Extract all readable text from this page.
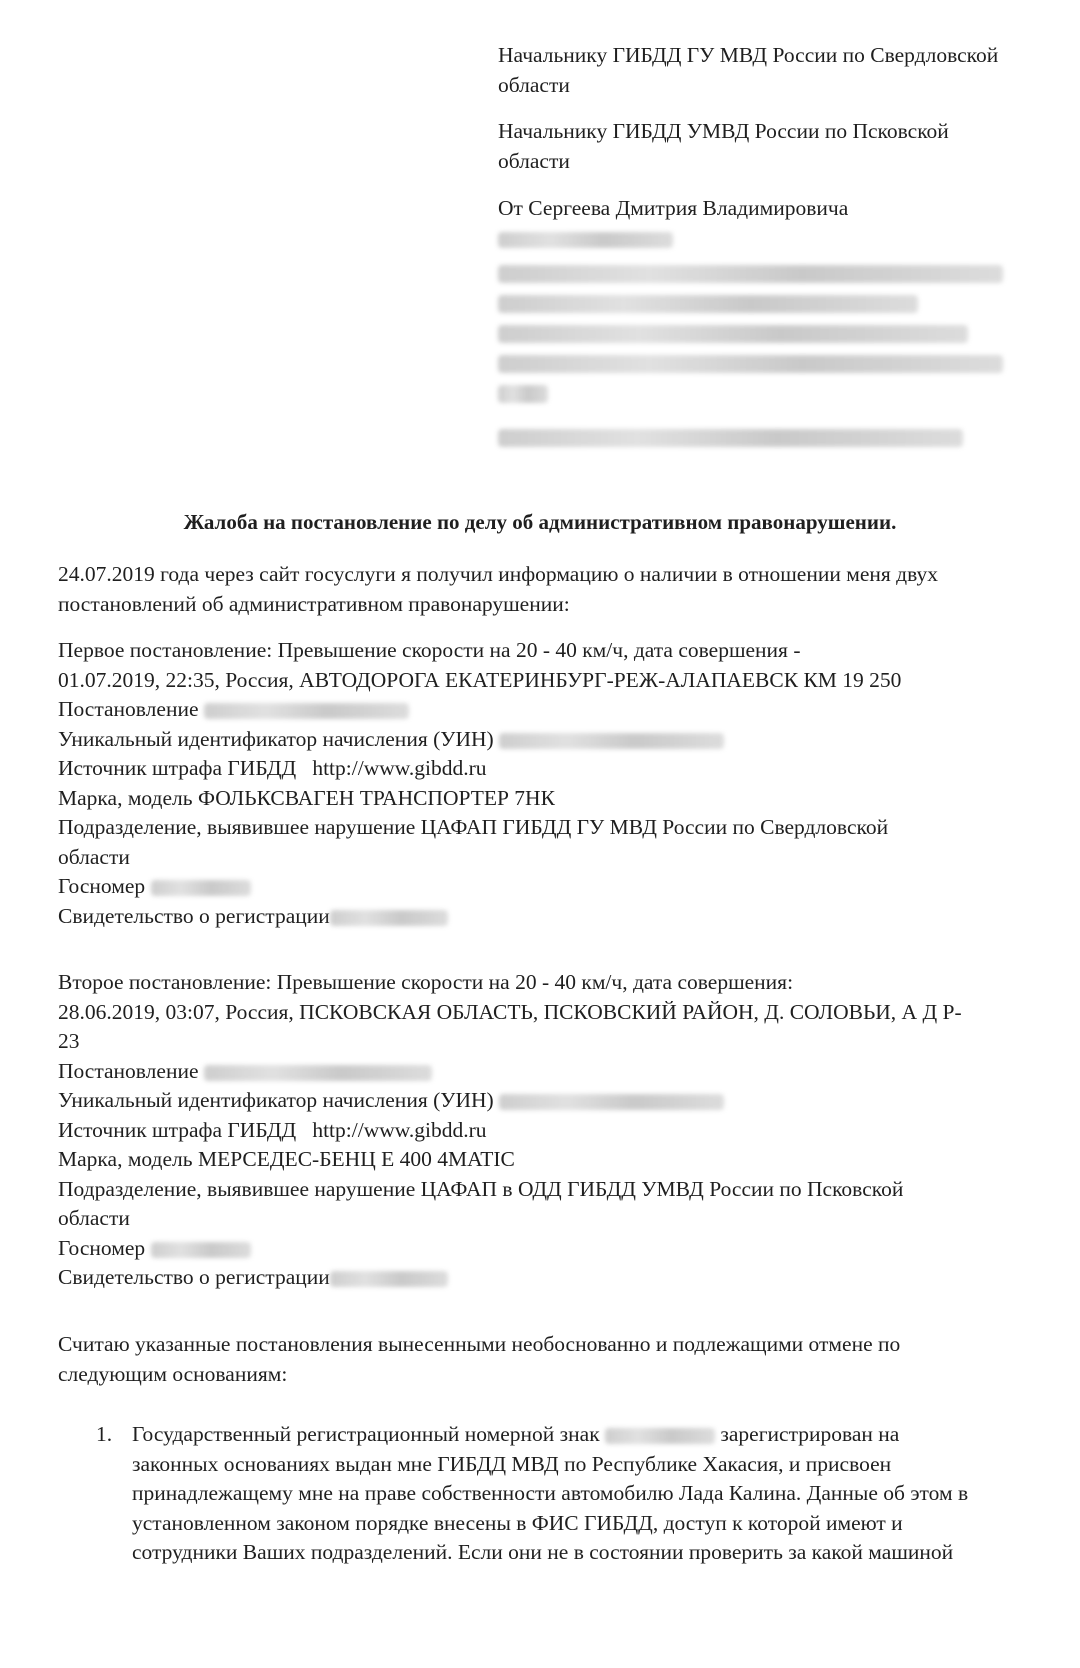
Начальнику ГИБДД ГУ МВД России по Свердловской области
Начальнику ГИБДД УМВД России по Псковской области
От Сергеева Дмитрия Владимировича
Жалоба на постановление по делу об административном правонарушении.
24.07.2019 года через сайт госуслуги я получил информацию о наличии в отношении меня двух
постановлений об административном правонарушении:
Первое постановление: Превышение скорости на 20 - 40 км/ч, дата совершения -
01.07.2019, 22:35, Россия, АВТОДОРОГА ЕКАТЕРИНБУРГ-РЕЖ-АЛАПАЕВСК КМ 19 250
Постановление
Уникальный идентификатор начисления (УИН)
Источник штрафа ГИБДД http://www.gibdd.ru
Марка, модель ФОЛЬКСВАГЕН ТРАНСПОРТЕР 7НК
Подразделение, выявившее нарушение ЦАФАП ГИБДД ГУ МВД России по Свердловской
области
Госномер
Свидетельство о регистрации
Второе постановление: Превышение скорости на 20 - 40 км/ч, дата совершения:
28.06.2019, 03:07, Россия, ПСКОВСКАЯ ОБЛАСТЬ, ПСКОВСКИЙ РАЙОН, Д. СОЛОВЬИ, А Д Р-
23
Постановление
Уникальный идентификатор начисления (УИН)
Источник штрафа ГИБДД http://www.gibdd.ru
Марка, модель МЕРСЕДЕС-БЕНЦ E 400 4MATIC
Подразделение, выявившее нарушение ЦАФАП в ОДД ГИБДД УМВД России по Псковской
области
Госномер
Свидетельство о регистрации
Считаю указанные постановления вынесенными необоснованно и подлежащими отмене по
следующим основаниям:
1. Государственный регистрационный номерной знак	зарегистрирован на
законных основаниях выдан мне ГИБДД МВД по Республике Хакасия, и присвоен
принадлежащему мне на праве собственности автомобилю Лада Калина. Данные об этом в
установленном законом порядке внесены в ФИС ГИБДД, доступ к которой имеют и
сотрудники Ваших подразделений. Если они не в состоянии проверить за какой машиной
